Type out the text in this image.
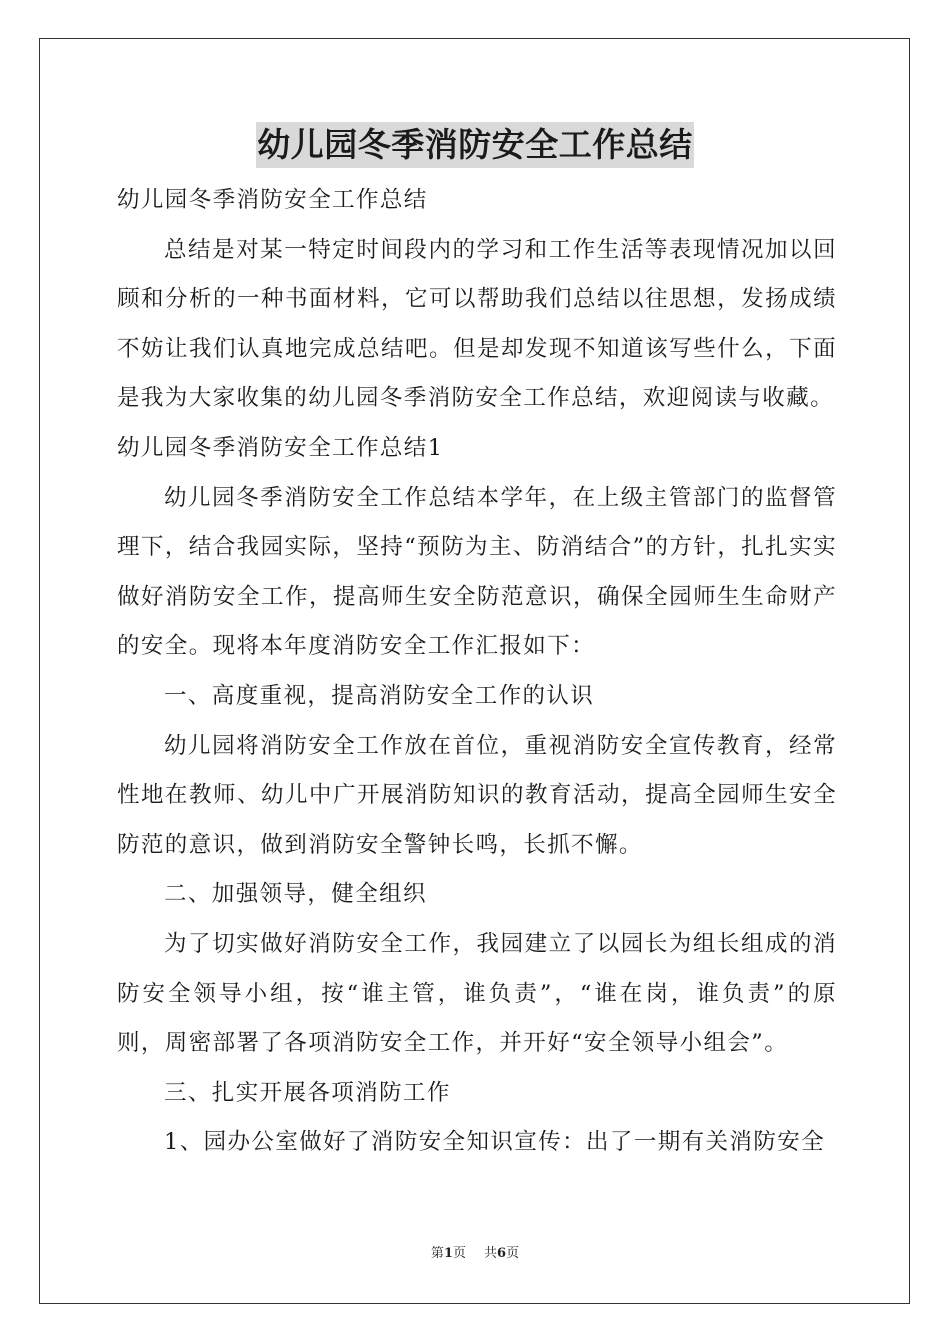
幼儿园冬季消防安全工作总结

幼儿园冬季消防安全工作总结

总结是对某一特定时间段内的学习和工作生活等表现情况加以回顾和分析的一种书面材料，它可以帮助我们总结以往思想，发扬成绩不妨让我们认真地完成总结吧。但是却发现不知道该写些什么，下面是我为大家收集的幼儿园冬季消防安全工作总结，欢迎阅读与收藏。

幼儿园冬季消防安全工作总结1

幼儿园冬季消防安全工作总结本学年，在上级主管部门的监督管理下，结合我园实际，坚持“预防为主、防消结合”的方针，扎扎实实做好消防安全工作，提高师生安全防范意识，确保全园师生生命财产的安全。现将本年度消防安全工作汇报如下：

一、高度重视，提高消防安全工作的认识

幼儿园将消防安全工作放在首位，重视消防安全宣传教育，经常性地在教师、幼儿中广开展消防知识的教育活动，提高全园师生安全防范的意识，做到消防安全警钟长鸣，长抓不懈。

二、加强领导，健全组织

为了切实做好消防安全工作，我园建立了以园长为组长组成的消防安全领导小组，按“谁主管，谁负责”，“谁在岗，谁负责”的原则，周密部署了各项消防安全工作，并开好“安全领导小组会”。

三、扎实开展各项消防工作

1、园办公室做好了消防安全知识宣传：出了一期有关消防安全

第1页 共6页
